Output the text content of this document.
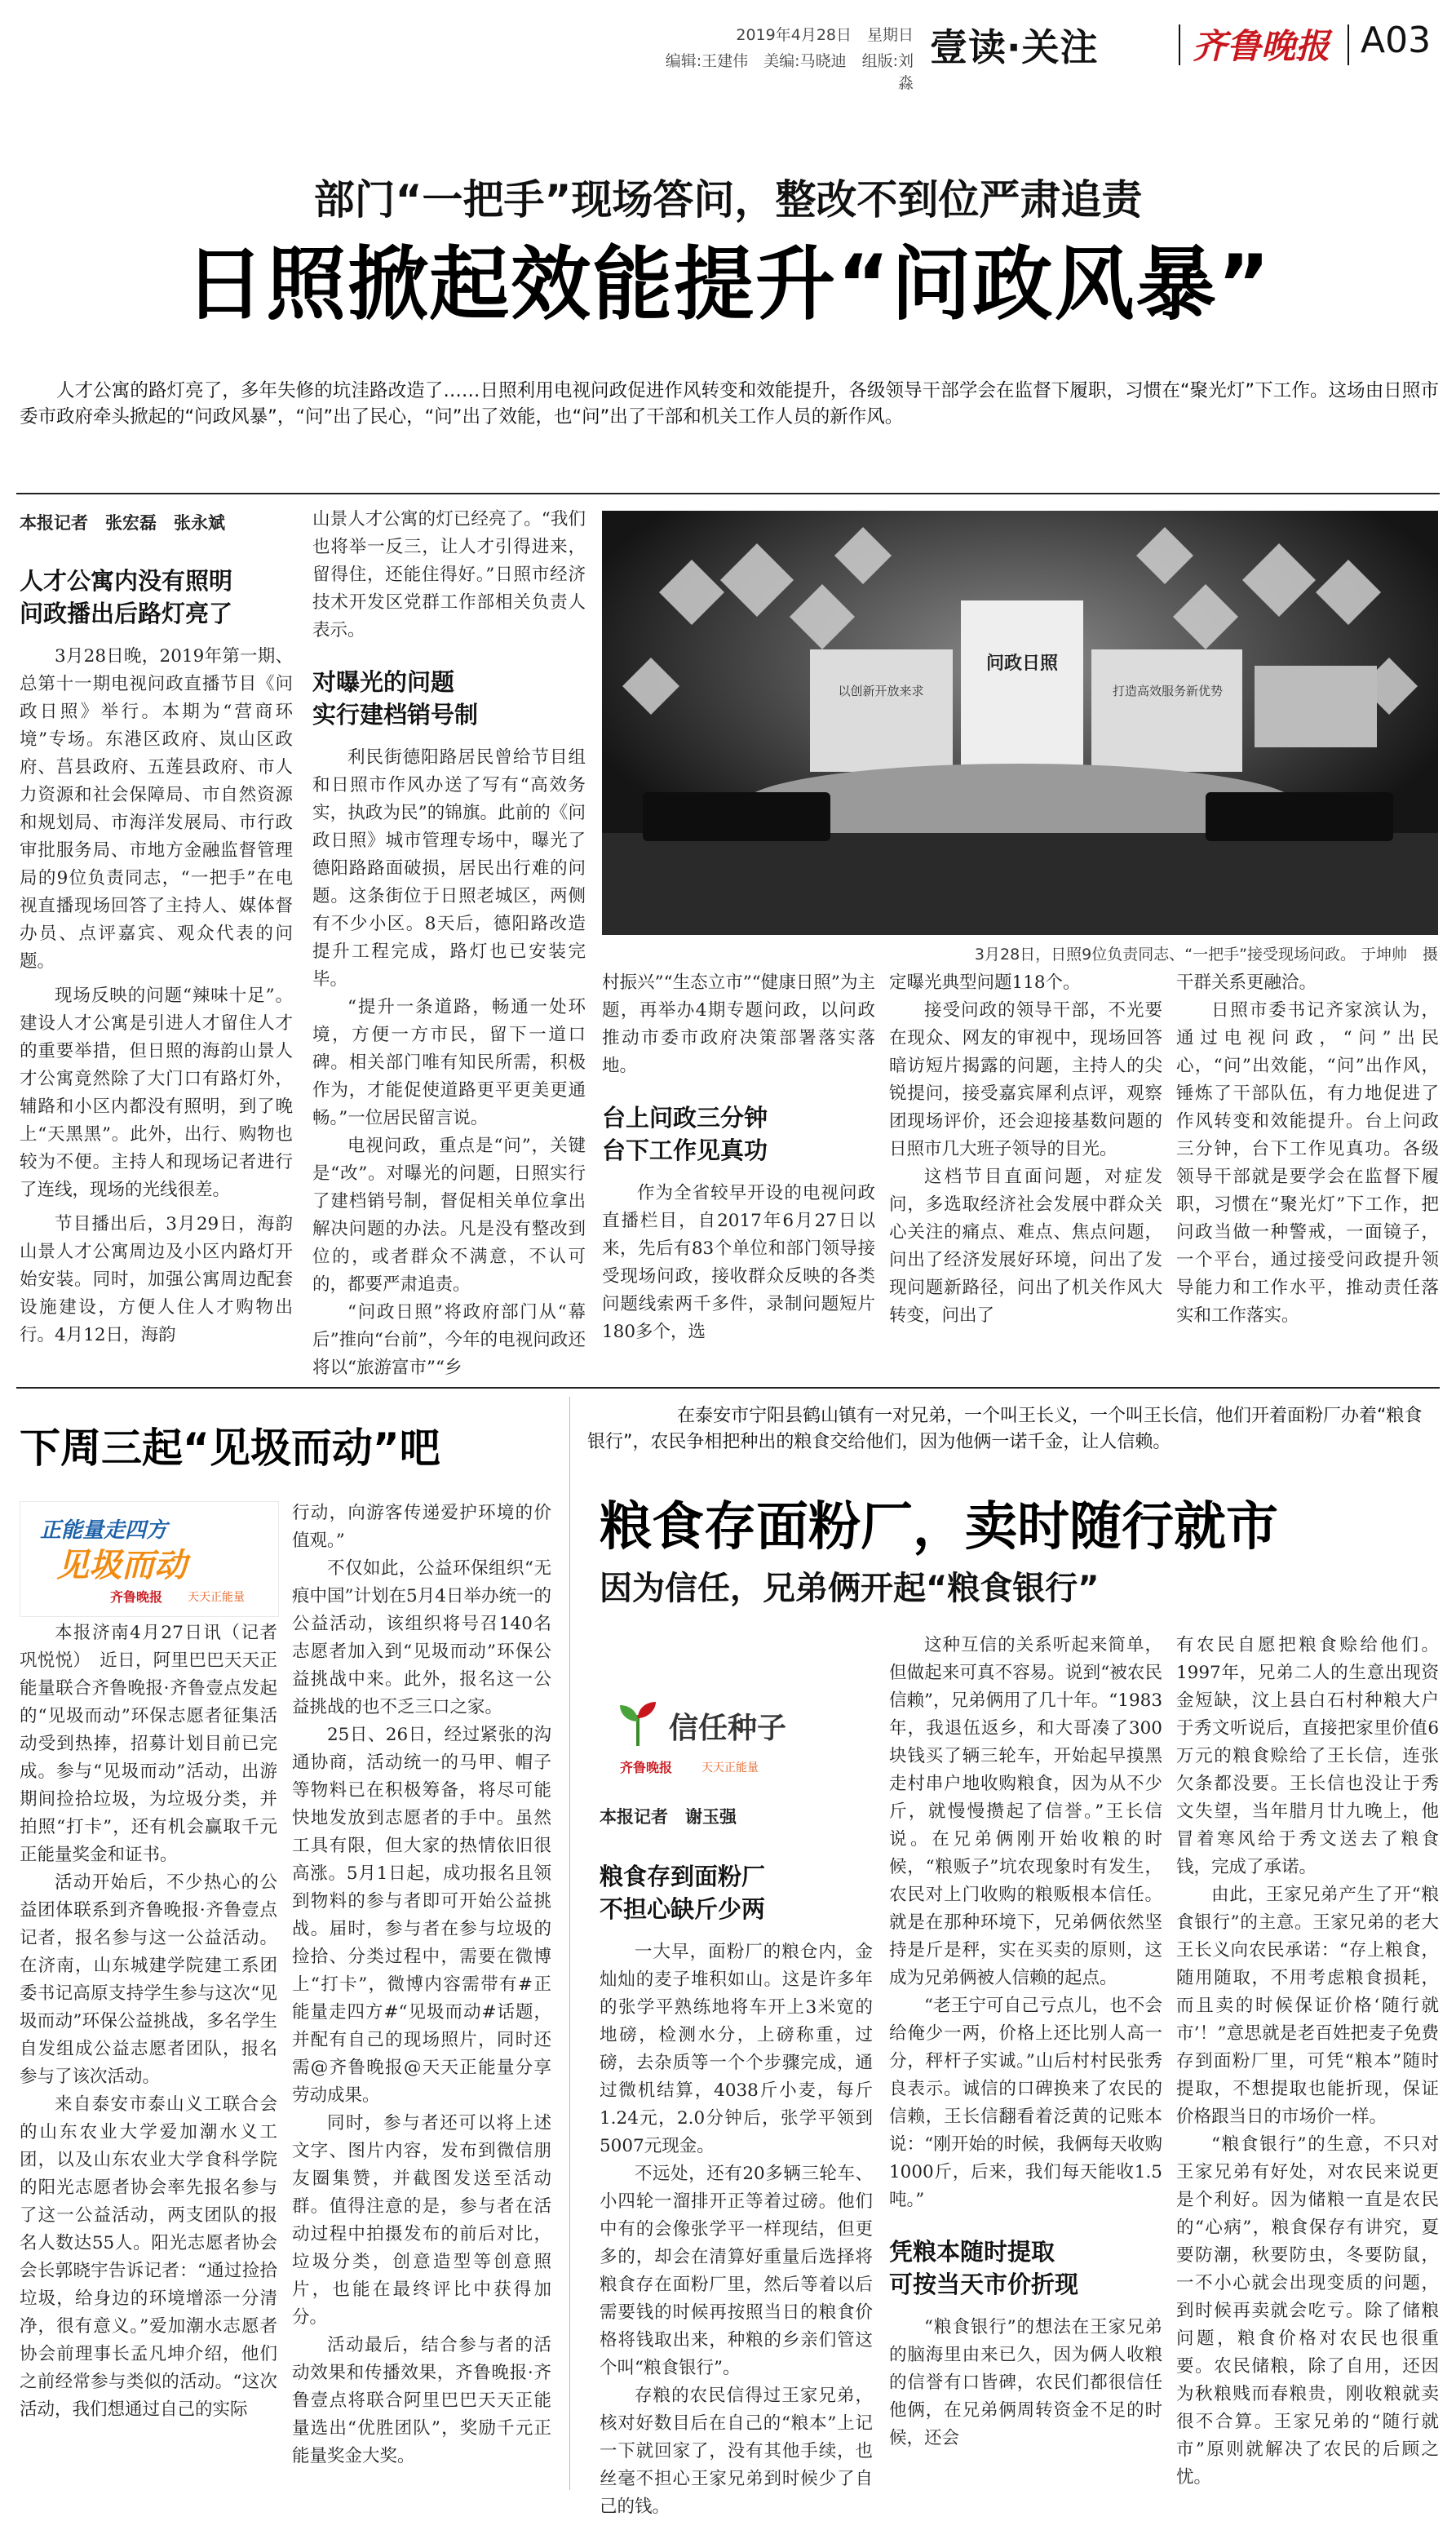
2019年4月28日　星期日
编辑:王建伟　美编:马晓迪　组版:刘淼
壹读·关注	齐鲁晚报 A03
部门“一把手”现场答问，整改不到位严肃追责
日照掀起效能提升“问政风暴”
人才公寓的路灯亮了，多年失修的坑洼路改造了……日照利用电视问政促进作风转变和效能提升，各级领导干部学会在监督下履职，习惯在“聚光灯”下工作。这场由日照市委市政府牵头掀起的“问政风暴”，“问”出了民心，“问”出了效能，也“问”出了干部和机关工作人员的新作风。
本报记者　张宏磊　张永斌
人才公寓内没有照明
问政播出后路灯亮了

3月28日晚，2019年第一期、总第十一期电视问政直播节目《问政日照》举行。本期为“营商环境”专场。东港区政府、岚山区政府、莒县政府、五莲县政府、市人力资源和社会保障局、市自然资源和规划局、市海洋发展局、市行政审批服务局、市地方金融监督管理局的9位负责同志，“一把手”在电视直播现场回答了主持人、媒体督办员、点评嘉宾、观众代表的问题。

现场反映的问题“辣味十足”。建设人才公寓是引进人才留住人才的重要举措，但日照的海韵山景人才公寓竟然除了大门口有路灯外，辅路和小区内都没有照明，到了晚上“天黑黑”。此外，出行、购物也较为不便。主持人和现场记者进行了连线，现场的光线很差。

节目播出后，3月29日，海韵山景人才公寓周边及小区内路灯开始安装。同时，加强公寓周边配套设施建设，方便人住人才购物出行。4月12日，海韵

山景人才公寓的灯已经亮了。“我们也将举一反三，让人才引得进来，留得住，还能住得好。”日照市经济技术开发区党群工作部相关负责人表示。

对曝光的问题
实行建档销号制

利民街德阳路居民曾给节目组和日照市作风办送了写有“高效务实，执政为民”的锦旗。此前的《问政日照》城市管理专场中，曝光了德阳路路面破损，居民出行难的问题。这条街位于日照老城区，两侧有不少小区。8天后，德阳路改造提升工程完成，路灯也已安装完毕。

“提升一条道路，畅通一处环境，方便一方市民，留下一道口碑。相关部门唯有知民所需，积极作为，才能促使道路更平更美更通畅。”一位居民留言说。

电视问政，重点是“问”，关键是“改”。对曝光的问题，日照实行了建档销号制，督促相关单位拿出解决问题的办法。凡是没有整改到位的，或者群众不满意，不认可的，都要严肃追责。

“问政日照”将政府部门从“幕后”推向“台前”，今年的电视问政还将以“旅游富市”“乡

问政日照
以创新开放来求	打造高效服务新优势
3月28日，日照9位负责同志、“一把手”接受现场问政。 于坤帅　摄

村振兴”“生态立市”“健康日照”为主题，再举办4期专题问政，以问政推动市委市政府决策部署落实落地。

台上问政三分钟
台下工作见真功

作为全省较早开设的电视问政直播栏目，自2017年6月27日以来，先后有83个单位和部门领导接受现场问政，接收群众反映的各类问题线索两千多件，录制问题短片180多个，选

定曝光典型问题118个。

接受问政的领导干部，不光要在现众、网友的审视中，现场回答暗访短片揭露的问题，主持人的尖锐提问，接受嘉宾犀利点评，观察团现场评价，还会迎接基数问题的日照市几大班子领导的目光。

这档节目直面问题，对症发问，多选取经济社会发展中群众关心关注的痛点、难点、焦点问题，问出了经济发展好环境，问出了发现问题新路径，问出了机关作风大转变，问出了

干群关系更融洽。

日照市委书记齐家滨认为，通过电视问政，“问”出民心，“问”出效能，“问”出作风，锤炼了干部队伍，有力地促进了作风转变和效能提升。台上问政三分钟，台下工作见真功。各级领导干部就是要学会在监督下履职，习惯在“聚光灯”下工作，把问政当做一种警戒，一面镜子，一个平台，通过接受问政提升领导能力和工作水平，推动责任落实和工作落实。

下周三起“见圾而动”吧
正能量走四方
见圾而动
齐鲁晚报 天天正能量

本报济南4月27日讯（记者　巩悦悦）　近日，阿里巴巴天天正能量联合齐鲁晚报·齐鲁壹点发起的“见圾而动”环保志愿者征集活动受到热捧，招募计划目前已完成。参与“见圾而动”活动，出游期间捡拾垃圾，为垃圾分类，并拍照“打卡”，还有机会赢取千元正能量奖金和证书。

活动开始后，不少热心的公益团体联系到齐鲁晚报·齐鲁壹点记者，报名参与这一公益活动。在济南，山东城建学院建工系团委书记高原支持学生参与这次“见圾而动”环保公益挑战，多名学生自发组成公益志愿者团队，报名参与了该次活动。

来自泰安市泰山义工联合会的山东农业大学爱加潮水义工团，以及山东农业大学食科学院的阳光志愿者协会率先报名参与了这一公益活动，两支团队的报名人数达55人。阳光志愿者协会会长郭晓宇告诉记者：“通过捡拾垃圾，给身边的环境增添一分清净，很有意义。”爱加潮水志愿者协会前理事长孟凡坤介绍，他们之前经常参与类似的活动。“这次活动，我们想通过自己的实际

行动，向游客传递爱护环境的价值观。”

不仅如此，公益环保组织“无痕中国”计划在5月4日举办统一的公益活动，该组织将号召140名志愿者加入到“见圾而动”环保公益挑战中来。此外，报名这一公益挑战的也不乏三口之家。

25日、26日，经过紧张的沟通协商，活动统一的马甲、帽子等物料已在积极筹备，将尽可能快地发放到志愿者的手中。虽然工具有限，但大家的热情依旧很高涨。5月1日起，成功报名且领到物料的参与者即可开始公益挑战。届时，参与者在参与垃圾的捡拾、分类过程中，需要在微博上“打卡”，微博内容需带有#正能量走四方#“见圾而动#话题，并配有自己的现场照片，同时还需@齐鲁晚报@天天正能量分享劳动成果。

同时，参与者还可以将上述文字、图片内容，发布到微信朋友圈集赞，并截图发送至活动群。值得注意的是，参与者在活动过程中拍摄发布的前后对比，垃圾分类，创意造型等创意照片，也能在最终评比中获得加分。

活动最后，结合参与者的活动效果和传播效果，齐鲁晚报·齐鲁壹点将联合阿里巴巴天天正能量选出“优胜团队”，奖励千元正能量奖金大奖。

在泰安市宁阳县鹤山镇有一对兄弟，一个叫王长义，一个叫王长信，他们开着面粉厂办着“粮食银行”，农民争相把种出的粮食交给他们，因为他俩一诺千金，让人信赖。
粮食存面粉厂，卖时随行就市
因为信任，兄弟俩开起“粮食银行”
信任种子
齐鲁晚报	天天正能量
本报记者　谢玉强
粮食存到面粉厂
不担心缺斤少两

一大早，面粉厂的粮仓内，金灿灿的麦子堆积如山。这是许多年的张学平熟练地将车开上3米宽的地磅，检测水分，上磅称重，过磅，去杂质等一个个步骤完成，通过微机结算，4038斤小麦，每斤1.24元，2.0分钟后，张学平领到5007元现金。

不远处，还有20多辆三轮车、小四轮一溜排开正等着过磅。他们中有的会像张学平一样现结，但更多的，却会在清算好重量后选择将粮食存在面粉厂里，然后等着以后需要钱的时候再按照当日的粮食价格将钱取出来，种粮的乡亲们管这个叫“粮食银行”。

存粮的农民信得过王家兄弟，核对好数目后在自己的“粮本”上记一下就回家了，没有其他手续，也丝毫不担心王家兄弟到时候少了自己的钱。

这种互信的关系听起来简单，但做起来可真不容易。说到“被农民信赖”，兄弟俩用了几十年。“1983年，我退伍返乡，和大哥凑了300块钱买了辆三轮车，开始起早摸黑走村串户地收购粮食，因为从不少斤，就慢慢攒起了信誉。”王长信说。在兄弟俩刚开始收粮的时候，“粮贩子”坑农现象时有发生，农民对上门收购的粮贩根本信任。就是在那种环境下，兄弟俩依然坚持是斤是秤，实在买卖的原则，这成为兄弟俩被人信赖的起点。

“老王宁可自己亏点儿，也不会给俺少一两，价格上还比别人高一分，秤杆子实诚。”山后村村民张秀良表示。诚信的口碑换来了农民的信赖，王长信翻看着泛黄的记账本说：“刚开始的时候，我俩每天收购1000斤，后来，我们每天能收1.5吨。”

凭粮本随时提取
可按当天市价折现

“粮食银行”的想法在王家兄弟的脑海里由来已久，因为俩人收粮的信誉有口皆碑，农民们都很信任他俩，在兄弟俩周转资金不足的时候，还会

有农民自愿把粮食赊给他们。1997年，兄弟二人的生意出现资金短缺，汶上县白石村种粮大户于秀文听说后，直接把家里价值6万元的粮食赊给了王长信，连张欠条都没要。王长信也没让于秀文失望，当年腊月廿九晚上，他冒着寒风给于秀文送去了粮食钱，完成了承诺。

由此，王家兄弟产生了开“粮食银行”的主意。王家兄弟的老大王长义向农民承诺：“存上粮食，随用随取，不用考虑粮食损耗，而且卖的时候保证价格‘随行就市’！”意思就是老百姓把麦子免费存到面粉厂里，可凭“粮本”随时提取，不想提取也能折现，保证价格跟当日的市场价一样。

“粮食银行”的生意，不只对王家兄弟有好处，对农民来说更是个利好。因为储粮一直是农民的“心病”，粮食保存有讲究，夏要防潮，秋要防虫，冬要防鼠，一不小心就会出现变质的问题，到时候再卖就会吃亏。除了储粮问题，粮食价格对农民也很重要。农民储粮，除了自用，还因为秋粮贱而春粮贵，刚收粮就卖很不合算。王家兄弟的“随行就市”原则就解决了农民的后顾之忧。
